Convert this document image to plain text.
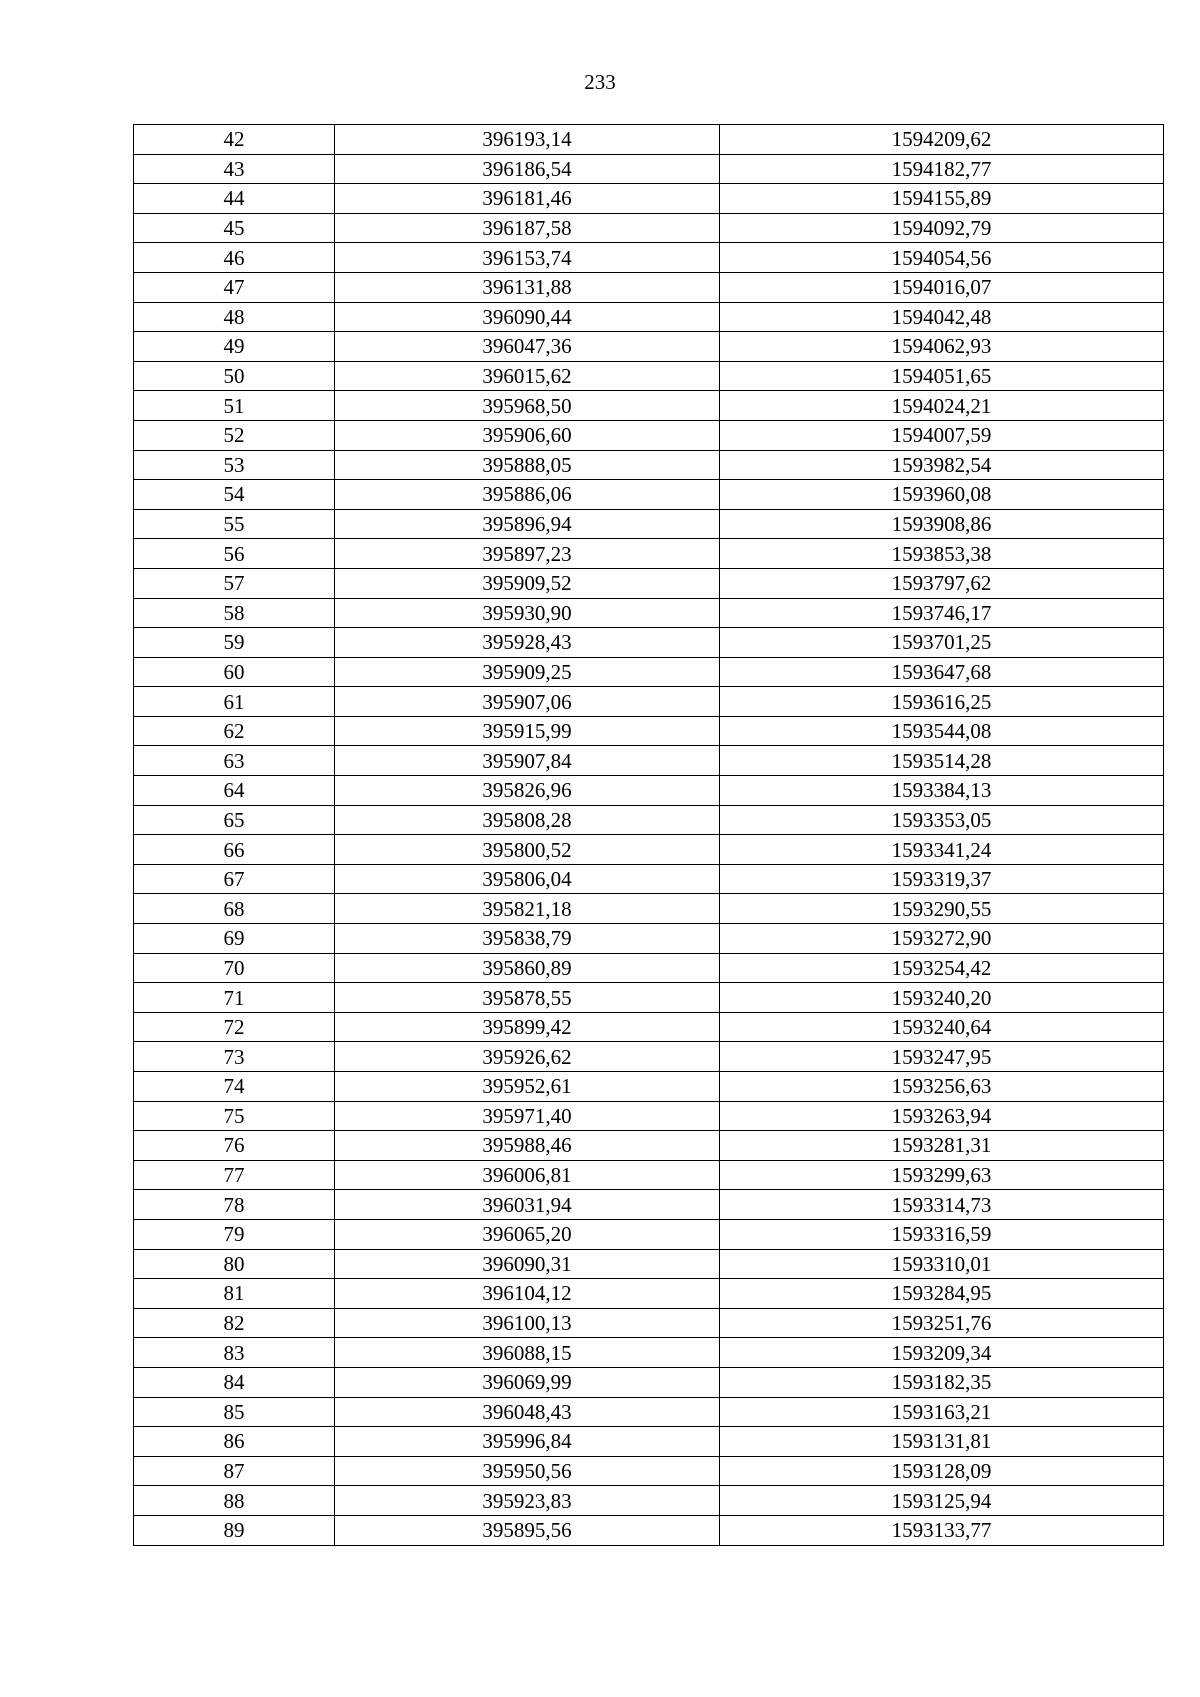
233
42	396193,14	1594209,62
43	396186,54	1594182,77
44	396181,46	1594155,89
45	396187,58	1594092,79
46	396153,74	1594054,56
47	396131,88	1594016,07
48	396090,44	1594042,48
49	396047,36	1594062,93
50	396015,62	1594051,65
51	395968,50	1594024,21
52	395906,60	1594007,59
53	395888,05	1593982,54
54	395886,06	1593960,08
55	395896,94	1593908,86
56	395897,23	1593853,38
57	395909,52	1593797,62
58	395930,90	1593746,17
59	395928,43	1593701,25
60	395909,25	1593647,68
61	395907,06	1593616,25
62	395915,99	1593544,08
63	395907,84	1593514,28
64	395826,96	1593384,13
65	395808,28	1593353,05
66	395800,52	1593341,24
67	395806,04	1593319,37
68	395821,18	1593290,55
69	395838,79	1593272,90
70	395860,89	1593254,42
71	395878,55	1593240,20
72	395899,42	1593240,64
73	395926,62	1593247,95
74	395952,61	1593256,63
75	395971,40	1593263,94
76	395988,46	1593281,31
77	396006,81	1593299,63
78	396031,94	1593314,73
79	396065,20	1593316,59
80	396090,31	1593310,01
81	396104,12	1593284,95
82	396100,13	1593251,76
83	396088,15	1593209,34
84	396069,99	1593182,35
85	396048,43	1593163,21
86	395996,84	1593131,81
87	395950,56	1593128,09
88	395923,83	1593125,94
89	395895,56	1593133,77
